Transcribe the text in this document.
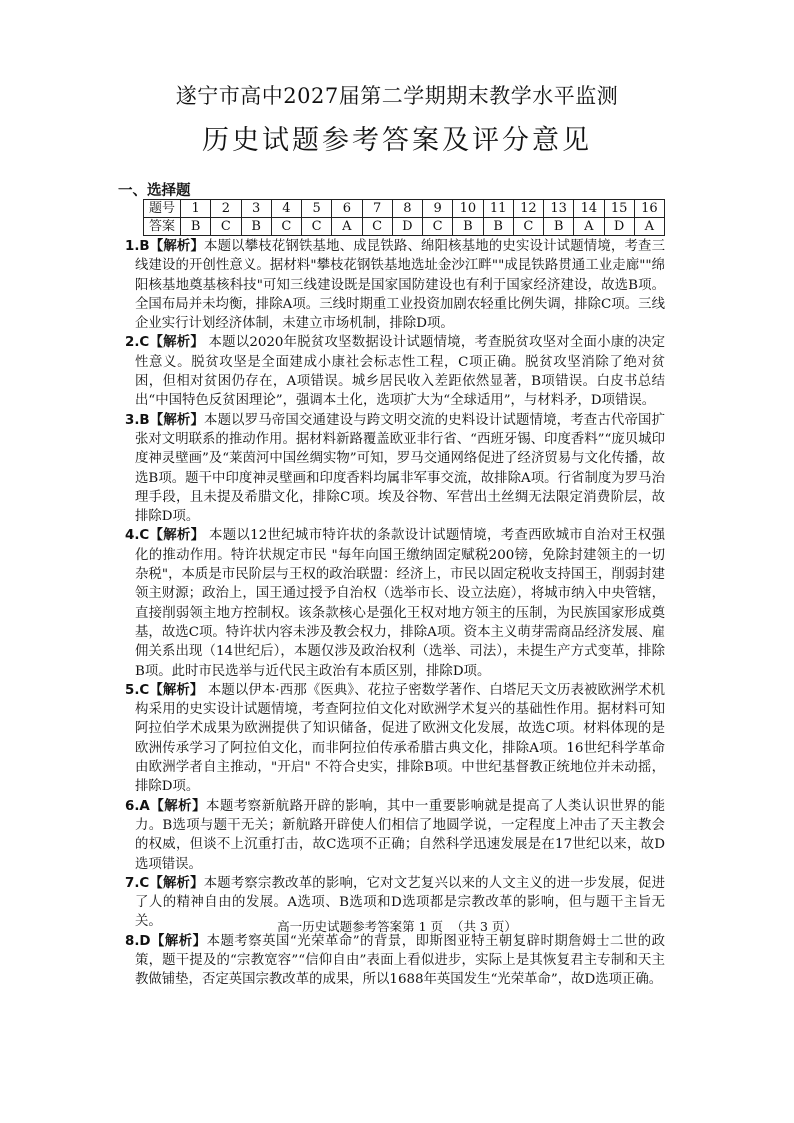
遂宁市高中2027届第二学期期末教学水平监测
历史试题参考答案及评分意见
一、选择题
题号	1	2	3	4	5	6	7	8	9	10	11	12	13	14	15	16
答案	B	C	B	C	C	A	C	D	C	B	B	C	B	A	D	A

1.B【解析】本题以攀枝花钢铁基地、成昆铁路、绵阳核基地的史实设计试题情境，考查三线建设的开创性意义。据材料"攀枝花钢铁基地选址金沙江畔""成昆铁路贯通工业走廊""绵阳核基地奠基核科技"可知三线建设既是国家国防建设也有利于国家经济建设，故选B项。全国布局并未均衡，排除A项。三线时期重工业投资加剧农轻重比例失调，排除C项。三线企业实行计划经济体制，未建立市场机制，排除D项。

2.C【解析】 本题以2020年脱贫攻坚数据设计试题情境，考查脱贫攻坚对全面小康的决定性意义。脱贫攻坚是全面建成小康社会标志性工程，C项正确。脱贫攻坚消除了绝对贫困，但相对贫困仍存在，A项错误。城乡居民收入差距依然显著，B项错误。白皮书总结出“中国特色反贫困理论”，强调本土化，选项扩大为“全球适用”，与材料矛，D项错误。

3.B【解析】本题以罗马帝国交通建设与跨文明交流的史料设计试题情境，考查古代帝国扩张对文明联系的推动作用。据材料新路覆盖欧亚非行省、“西班牙锡、印度香料”“庞贝城印度神灵壁画”及“莱茵河中国丝绸实物”可知，罗马交通网络促进了经济贸易与文化传播，故选B项。题干中印度神灵壁画和印度香料均属非军事交流，故排除A项。行省制度为罗马治理手段，且未提及希腊文化，排除C项。埃及谷物、军营出土丝绸无法限定消费阶层，故排除D项。

4.C【解析】 本题以12世纪城市特许状的条款设计试题情境，考查西欧城市自治对王权强化的推动作用。特许状规定市民 "每年向国王缴纳固定赋税200镑，免除封建领主的一切杂税"，本质是市民阶层与王权的政治联盟：经济上，市民以固定税收支持国王，削弱封建领主财源；政治上，国王通过授予自治权（选举市长、设立法庭），将城市纳入中央管辖，直接削弱领主地方控制权。该条款核心是强化王权对地方领主的压制，为民族国家形成奠基，故选C项。特许状内容未涉及教会权力，排除A项。资本主义萌芽需商品经济发展、雇佣关系出现（14世纪后），本题仅涉及政治权利（选举、司法），未提生产方式变革，排除B项。此时市民选举与近代民主政治有本质区别，排除D项。

5.C【解析】 本题以伊本·西那《医典》、花拉子密数学著作、白塔尼天文历表被欧洲学术机构采用的史实设计试题情境，考查阿拉伯文化对欧洲学术复兴的基础性作用。据材料可知阿拉伯学术成果为欧洲提供了知识储备，促进了欧洲文化发展，故选C项。材料体现的是欧洲传承学习了阿拉伯文化，而非阿拉伯传承希腊古典文化，排除A项。16世纪科学革命由欧洲学者自主推动，"开启" 不符合史实，排除B项。中世纪基督教正统地位并未动摇，排除D项。

6.A【解析】本题考察新航路开辟的影响，其中一重要影响就是提高了人类认识世界的能力。B选项与题干无关；新航路开辟使人们相信了地圆学说，一定程度上冲击了天主教会的权威，但谈不上沉重打击，故C选项不正确；自然科学迅速发展是在17世纪以来，故D选项错误。

7.C【解析】本题考察宗教改革的影响，它对文艺复兴以来的人文主义的进一步发展，促进了人的精神自由的发展。A选项、B选项和D选项都是宗教改革的影响，但与题干主旨无关。

8.D【解析】本题考察英国“光荣革命”的背景，即斯图亚特王朝复辟时期詹姆士二世的政策，题干提及的“宗教宽容”“信仰自由”表面上看似进步，实际上是其恢复君主专制和天主教做铺垫，否定英国宗教改革的成果，所以1688年英国发生“光荣革命”，故D选项正确。

高一历史试题参考答案第 1 页  （共 3 页）
